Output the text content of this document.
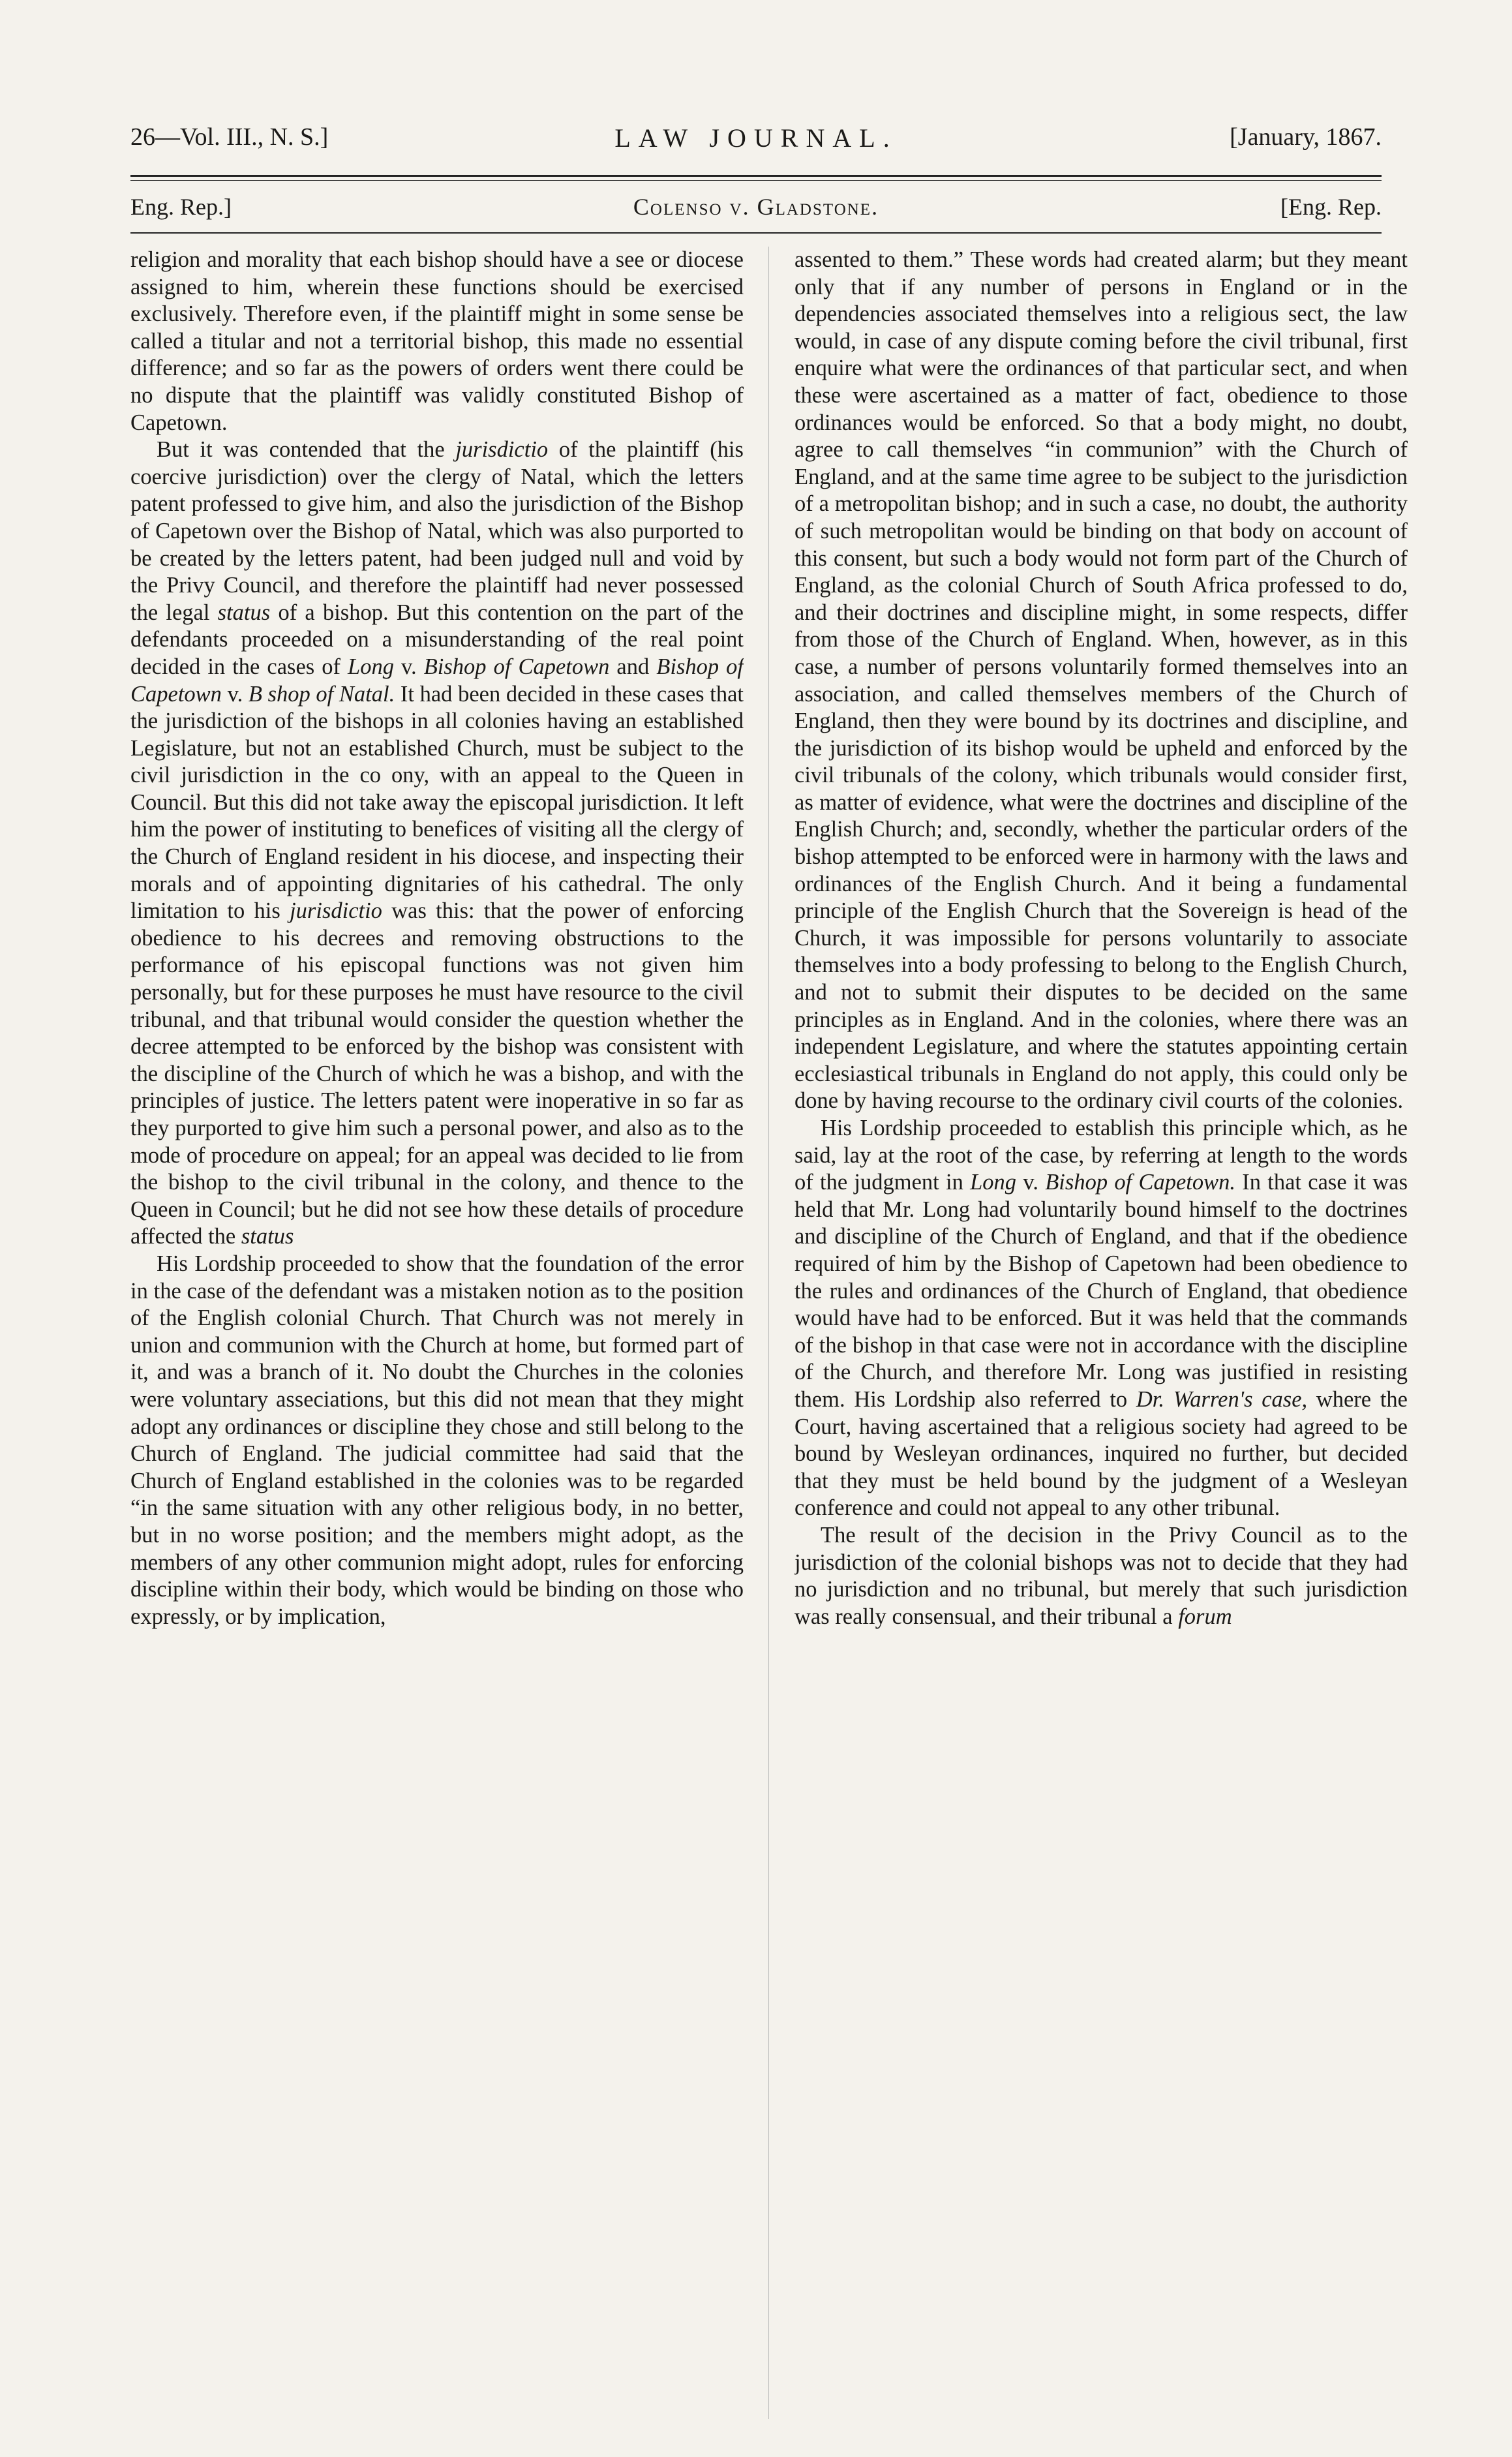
26—Vol. III., N. S.]	LAW JOURNAL.	[January, 1867.
Eng. Rep.]	Colenso v. Gladstone.	[Eng. Rep.

religion and morality that each bishop should have a see or diocese assigned to him, wherein these functions should be exercised exclusively. Therefore even, if the plaintiff might in some sense be called a titular and not a territorial bishop, this made no essential difference; and so far as the powers of orders went there could be no dispute that the plaintiff was validly constituted Bishop of Capetown.

But it was contended that the jurisdictio of the plaintiff (his coercive jurisdiction) over the clergy of Natal, which the letters patent professed to give him, and also the jurisdiction of the Bishop of Capetown over the Bishop of Natal, which was also purported to be created by the letters patent, had been judged null and void by the Privy Council, and therefore the plaintiff had never possessed the legal status of a bishop. But this contention on the part of the defendants proceeded on a misunderstanding of the real point decided in the cases of Long v. Bishop of Capetown and Bishop of Capetown v. B shop of Natal. It had been decided in these cases that the jurisdiction of the bishops in all colonies having an established Legislature, but not an established Church, must be subject to the civil jurisdiction in the co ony, with an appeal to the Queen in Council. But this did not take away the episcopal jurisdiction. It left him the power of instituting to benefices of visiting all the clergy of the Church of England resident in his diocese, and inspecting their morals and of appointing dignitaries of his cathedral. The only limitation to his jurisdictio was this: that the power of enforcing obedience to his decrees and removing obstructions to the performance of his episcopal functions was not given him personally, but for these purposes he must have resource to the civil tribunal, and that tribunal would consider the question whether the decree attempted to be enforced by the bishop was consistent with the discipline of the Church of which he was a bishop, and with the principles of justice. The letters patent were inoperative in so far as they purported to give him such a personal power, and also as to the mode of procedure on appeal; for an appeal was decided to lie from the bishop to the civil tribunal in the colony, and thence to the Queen in Council; but he did not see how these details of procedure affected the status

His Lordship proceeded to show that the foundation of the error in the case of the defendant was a mistaken notion as to the position of the English colonial Church. That Church was not merely in union and communion with the Church at home, but formed part of it, and was a branch of it. No doubt the Churches in the colonies were voluntary asseciations, but this did not mean that they might adopt any ordinances or discipline they chose and still belong to the Church of England. The judicial committee had said that the Church of England established in the colonies was to be regarded “in the same situation with any other religious body, in no better, but in no worse position; and the members might adopt, as the members of any other communion might adopt, rules for enforcing discipline within their body, which would be binding on those who expressly, or by implication,

assented to them.” These words had created alarm; but they meant only that if any number of persons in England or in the dependencies associated themselves into a religious sect, the law would, in case of any dispute coming before the civil tribunal, first enquire what were the ordinances of that particular sect, and when these were ascertained as a matter of fact, obedience to those ordinances would be enforced. So that a body might, no doubt, agree to call themselves “in communion” with the Church of England, and at the same time agree to be subject to the jurisdiction of a metropolitan bishop; and in such a case, no doubt, the authority of such metropolitan would be binding on that body on account of this consent, but such a body would not form part of the Church of England, as the colonial Church of South Africa professed to do, and their doctrines and discipline might, in some respects, differ from those of the Church of England. When, however, as in this case, a number of persons voluntarily formed themselves into an association, and called themselves members of the Church of England, then they were bound by its doctrines and discipline, and the jurisdiction of its bishop would be upheld and enforced by the civil tribunals of the colony, which tribunals would consider first, as matter of evidence, what were the doctrines and discipline of the English Church; and, secondly, whether the particular orders of the bishop attempted to be enforced were in harmony with the laws and ordinances of the English Church. And it being a fundamental principle of the English Church that the Sovereign is head of the Church, it was impossible for persons voluntarily to associate themselves into a body professing to belong to the English Church, and not to submit their disputes to be decided on the same principles as in England. And in the colonies, where there was an independent Legislature, and where the statutes appointing certain ecclesiastical tribunals in England do not apply, this could only be done by having recourse to the ordinary civil courts of the colonies.

His Lordship proceeded to establish this principle which, as he said, lay at the root of the case, by referring at length to the words of the judgment in Long v. Bishop of Capetown. In that case it was held that Mr. Long had voluntarily bound himself to the doctrines and discipline of the Church of England, and that if the obedience required of him by the Bishop of Capetown had been obedience to the rules and ordinances of the Church of England, that obedience would have had to be enforced. But it was held that the commands of the bishop in that case were not in accordance with the discipline of the Church, and therefore Mr. Long was justified in resisting them. His Lordship also referred to Dr. Warren's case, where the Court, having ascertained that a religious society had agreed to be bound by Wesleyan ordinances, inquired no further, but decided that they must be held bound by the judgment of a Wesleyan conference and could not appeal to any other tribunal.

The result of the decision in the Privy Council as to the jurisdiction of the colonial bishops was not to decide that they had no jurisdiction and no tribunal, but merely that such jurisdiction was really consensual, and their tribunal a forum
